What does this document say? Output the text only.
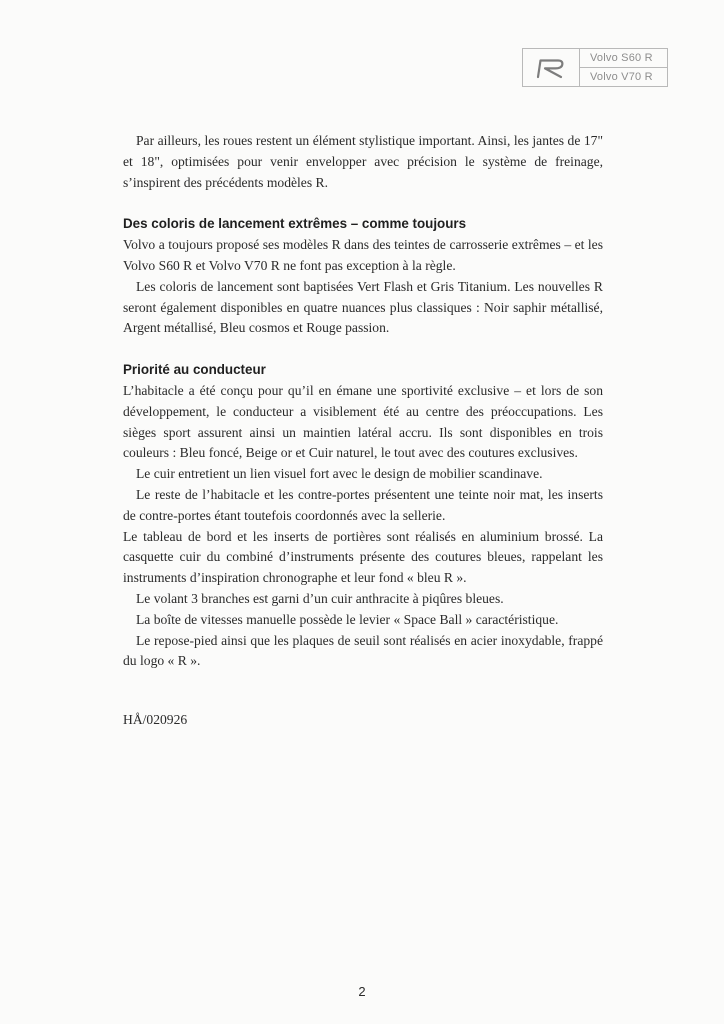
Volvo S60 R
Volvo V70 R

Par ailleurs, les roues restent un élément stylistique important. Ainsi, les jantes de 17" et 18", optimisées pour venir envelopper avec précision le système de freinage, s’inspirent des précédents modèles R.

Des coloris de lancement extrêmes – comme toujours

Volvo a toujours proposé ses modèles R dans des teintes de carrosserie extrêmes – et les Volvo S60 R et Volvo V70 R ne font pas exception à la règle.

Les coloris de lancement sont baptisées Vert Flash et Gris Titanium. Les nouvelles R seront également disponibles en quatre nuances plus classiques : Noir saphir métallisé, Argent métallisé, Bleu cosmos et Rouge passion.

Priorité au conducteur

L’habitacle a été conçu pour qu’il en émane une sportivité exclusive – et lors de son développement, le conducteur a visiblement été au centre des préoccupations. Les sièges sport assurent ainsi un maintien latéral accru. Ils sont disponibles en trois couleurs : Bleu foncé, Beige or et Cuir naturel, le tout avec des coutures exclusives.

Le cuir entretient un lien visuel fort avec le design de mobilier scandinave.

Le reste de l’habitacle et les contre-portes présentent une teinte noir mat, les inserts de contre-portes étant toutefois coordonnés avec la sellerie.

Le tableau de bord et les inserts de portières sont réalisés en aluminium brossé. La casquette cuir du combiné d’instruments présente des coutures bleues, rappelant les instruments d’inspiration chronographe et leur fond « bleu R ».

Le volant 3 branches est garni d’un cuir anthracite à piqûres bleues.

La boîte de vitesses manuelle possède le levier « Space Ball » caractéristique.

Le repose-pied ainsi que les plaques de seuil sont réalisés en acier inoxydable, frappé du logo « R ».

HÅ/020926
2
